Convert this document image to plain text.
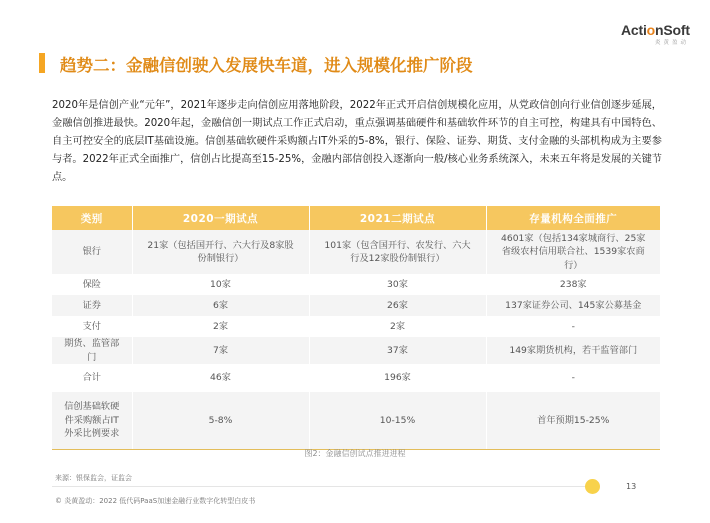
ActionSoft
炎黄盈动
趋势二：金融信创驶入发展快车道，进入规模化推广阶段
2020年是信创产业“元年”，2021年逐步走向信创应用落地阶段，2022年正式开启信创规模化应用，从党政信创向行业信创逐步延展，金融信创推进最快。2020年起，金融信创一期试点工作正式启动，重点强调基础硬件和基础软件环节的自主可控，构建具有中国特色、自主可控安全的底层IT基础设施。信创基础软硬件采购额占IT外采的5-8%，银行、保险、证券、期货、支付金融的头部机构成为主要参与者。2022年正式全面推广，信创占比提高至15-25%，金融内部信创投入逐渐向一般/核心业务系统深入，未来五年将是发展的关键节点。
类别	2020一期试点	2021二期试点	存量机构全面推广
银行	21家（包括国开行、六大行及8家股份制银行）	101家（包含国开行、农发行、六大行及12家股份制银行）	4601家（包括134家城商行、25家省级农村信用联合社、1539家农商行）
保险	10家	30家	238家
证券	6家	26家	137家证券公司、145家公募基金
支付	2家	2家	-
期货、监管部门	7家	37家	149家期货机构，若干监管部门
合计	46家	196家	-
信创基础软硬件采购额占IT外采比例要求	5-8%	10-15%	首年预期15-25%
图2：金融信创试点推进进程
来源：银保监会，证监会
13
© 炎黄盈动：2022 低代码PaaS加速金融行业数字化转型白皮书
